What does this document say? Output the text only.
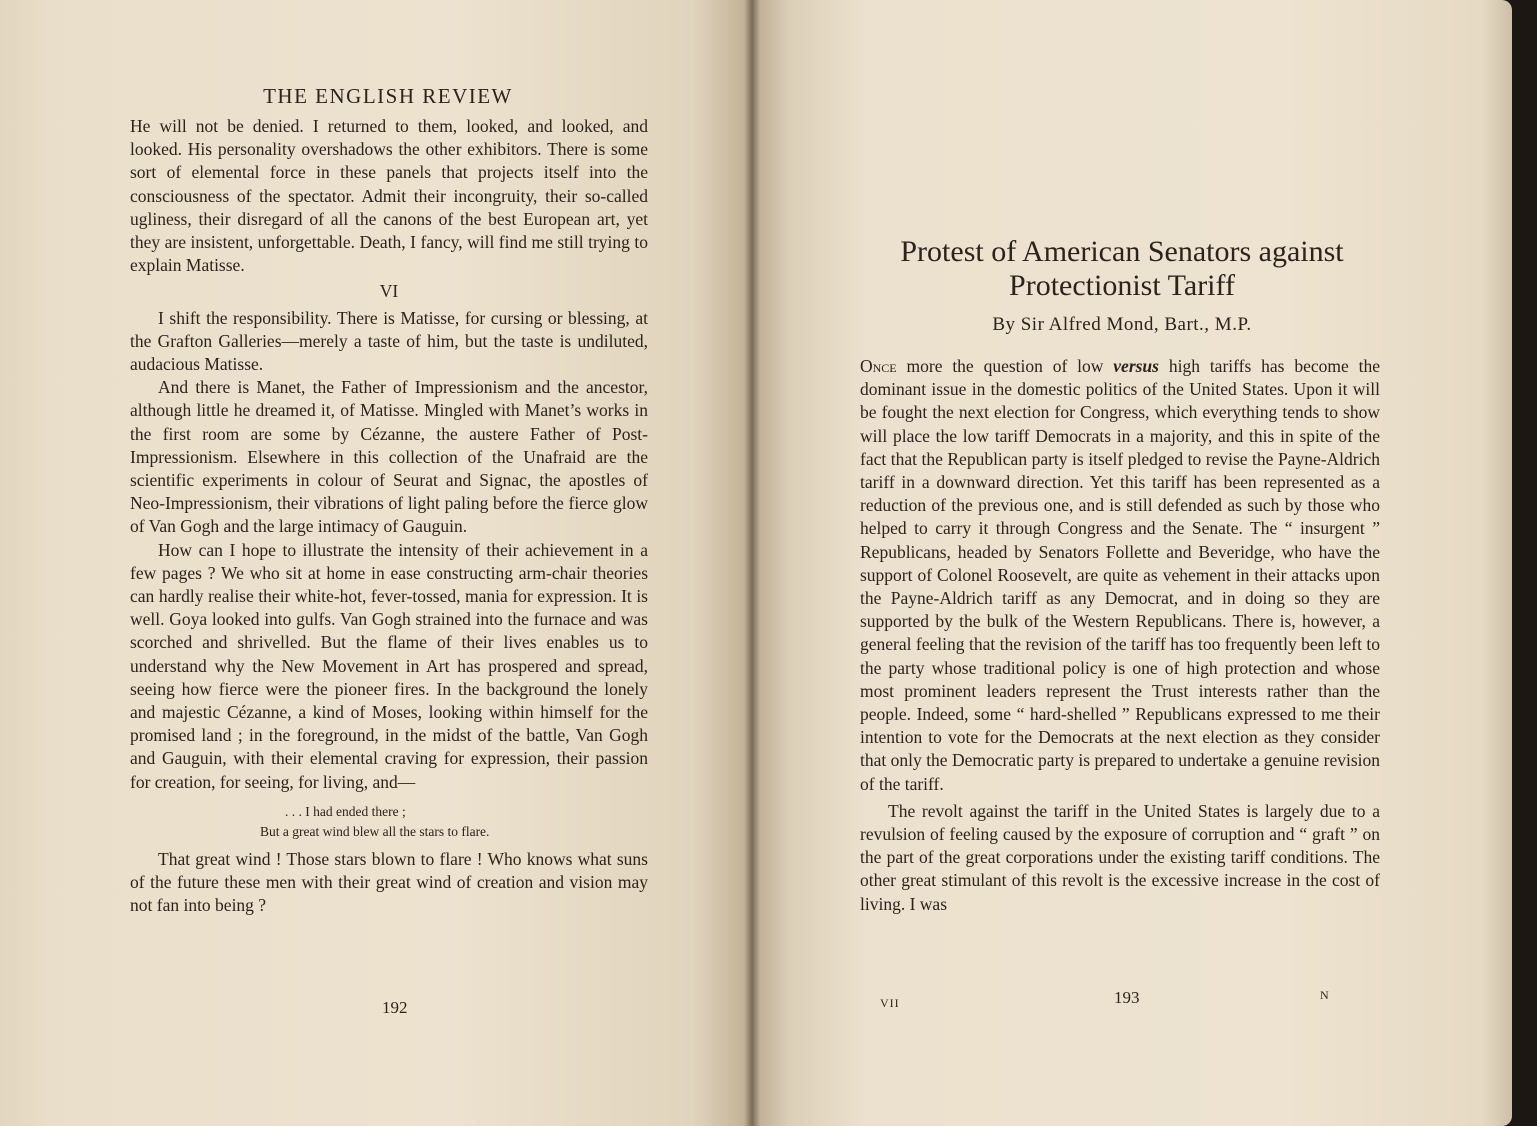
THE ENGLISH REVIEW

He will not be denied. I returned to them, looked, and looked, and looked. His personality overshadows the other exhibitors. There is some sort of elemental force in these panels that projects itself into the consciousness of the spectator. Admit their incongruity, their so-called ugliness, their disregard of all the canons of the best European art, yet they are insistent, unforgettable. Death, I fancy, will find me still trying to explain Matisse.

VI

I shift the responsibility. There is Matisse, for cursing or blessing, at the Grafton Galleries—merely a taste of him, but the taste is undiluted, audacious Matisse.

And there is Manet, the Father of Impressionism and the ancestor, although little he dreamed it, of Matisse. Mingled with Manet’s works in the first room are some by Cézanne, the austere Father of Post-Impressionism. Elsewhere in this collection of the Unafraid are the scientific experiments in colour of Seurat and Signac, the apostles of Neo-Impressionism, their vibrations of light paling before the fierce glow of Van Gogh and the large intimacy of Gauguin.

How can I hope to illustrate the intensity of their achievement in a few pages ? We who sit at home in ease constructing arm-chair theories can hardly realise their white-hot, fever-tossed, mania for expression. It is well. Goya looked into gulfs. Van Gogh strained into the furnace and was scorched and shrivelled. But the flame of their lives enables us to understand why the New Movement in Art has prospered and spread, seeing how fierce were the pioneer fires. In the background the lonely and majestic Cézanne, a kind of Moses, looking within himself for the promised land ; in the foreground, in the midst of the battle, Van Gogh and Gauguin, with their elemental craving for expression, their passion for creation, for seeing, for living, and—

. . . I had ended there ;
But a great wind blew all the stars to flare.

That great wind ! Those stars blown to flare ! Who knows what suns of the future these men with their great wind of creation and vision may not fan into being ?

192
Protest of American Senators against
Protectionist Tariff
By Sir Alfred Mond, Bart., M.P.

Once more the question of low versus high tariffs has become the dominant issue in the domestic politics of the United States. Upon it will be fought the next election for Congress, which everything tends to show will place the low tariff Democrats in a majority, and this in spite of the fact that the Republican party is itself pledged to revise the Payne-Aldrich tariff in a downward direction. Yet this tariff has been represented as a reduction of the previous one, and is still defended as such by those who helped to carry it through Congress and the Senate. The “ insurgent ” Republicans, headed by Senators Follette and Beveridge, who have the support of Colonel Roosevelt, are quite as vehement in their attacks upon the Payne-Aldrich tariff as any Democrat, and in doing so they are supported by the bulk of the Western Republicans. There is, however, a general feeling that the revision of the tariff has too frequently been left to the party whose traditional policy is one of high protection and whose most prominent leaders represent the Trust interests rather than the people. Indeed, some “ hard-shelled ” Republicans expressed to me their intention to vote for the Democrats at the next election as they consider that only the Democratic party is prepared to undertake a genuine revision of the tariff.

The revolt against the tariff in the United States is largely due to a revulsion of feeling caused by the exposure of corruption and “ graft ” on the part of the great corporations under the existing tariff conditions. The other great stimulant of this revolt is the excessive increase in the cost of living. I was

VII	193	N
